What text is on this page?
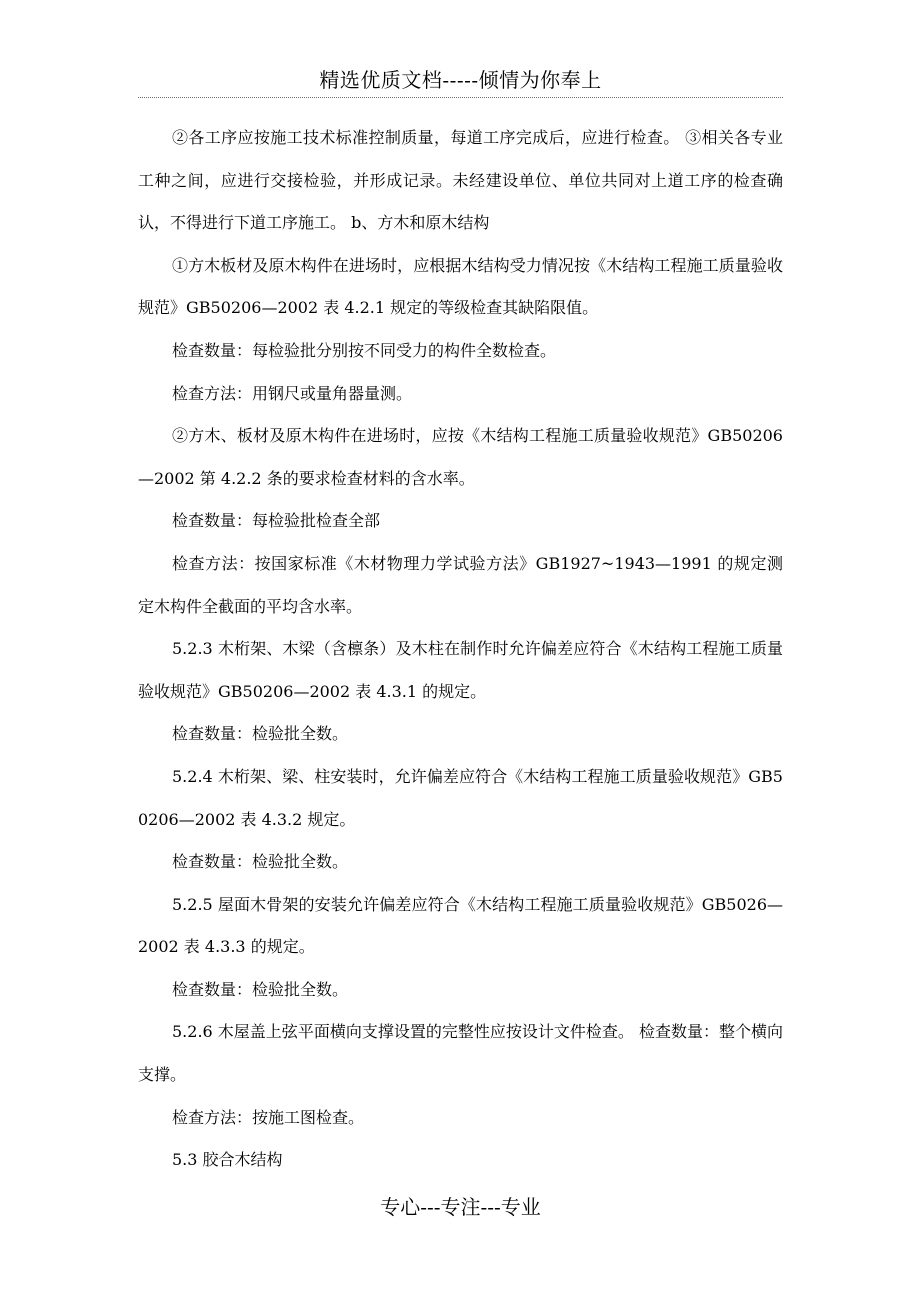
精选优质文档-----倾情为你奉上

②各工序应按施工技术标准控制质量，每道工序完成后，应进行检查。 ③相关各专业工种之间，应进行交接检验，并形成记录。未经建设单位、单位共同对上道工序的检查确认，不得进行下道工序施工。 b、方木和原木结构

①方木板材及原木构件在进场时，应根据木结构受力情况按《木结构工程施工质量验收规范》GB50206—2002 表 4.2.1 规定的等级检查其缺陷限值。

检查数量：每检验批分别按不同受力的构件全数检查。

检查方法：用钢尺或量角器量测。

②方木、板材及原木构件在进场时，应按《木结构工程施工质量验收规范》GB50206—2002 第 4.2.2 条的要求检查材料的含水率。

检查数量：每检验批检查全部

检查方法：按国家标准《木材物理力学试验方法》GB1927~1943—1991 的规定测定木构件全截面的平均含水率。

5.2.3 木桁架、木梁（含檩条）及木柱在制作时允许偏差应符合《木结构工程施工质量验收规范》GB50206—2002 表 4.3.1 的规定。

检查数量：检验批全数。

5.2.4 木桁架、梁、柱安装时，允许偏差应符合《木结构工程施工质量验收规范》GB50206—2002 表 4.3.2 规定。

检查数量：检验批全数。

5.2.5 屋面木骨架的安装允许偏差应符合《木结构工程施工质量验收规范》GB5026—2002 表 4.3.3 的规定。

检查数量：检验批全数。

5.2.6 木屋盖上弦平面横向支撑设置的完整性应按设计文件检查。 检查数量：整个横向支撑。

检查方法：按施工图检查。

5.3 胶合木结构

专心---专注---专业
